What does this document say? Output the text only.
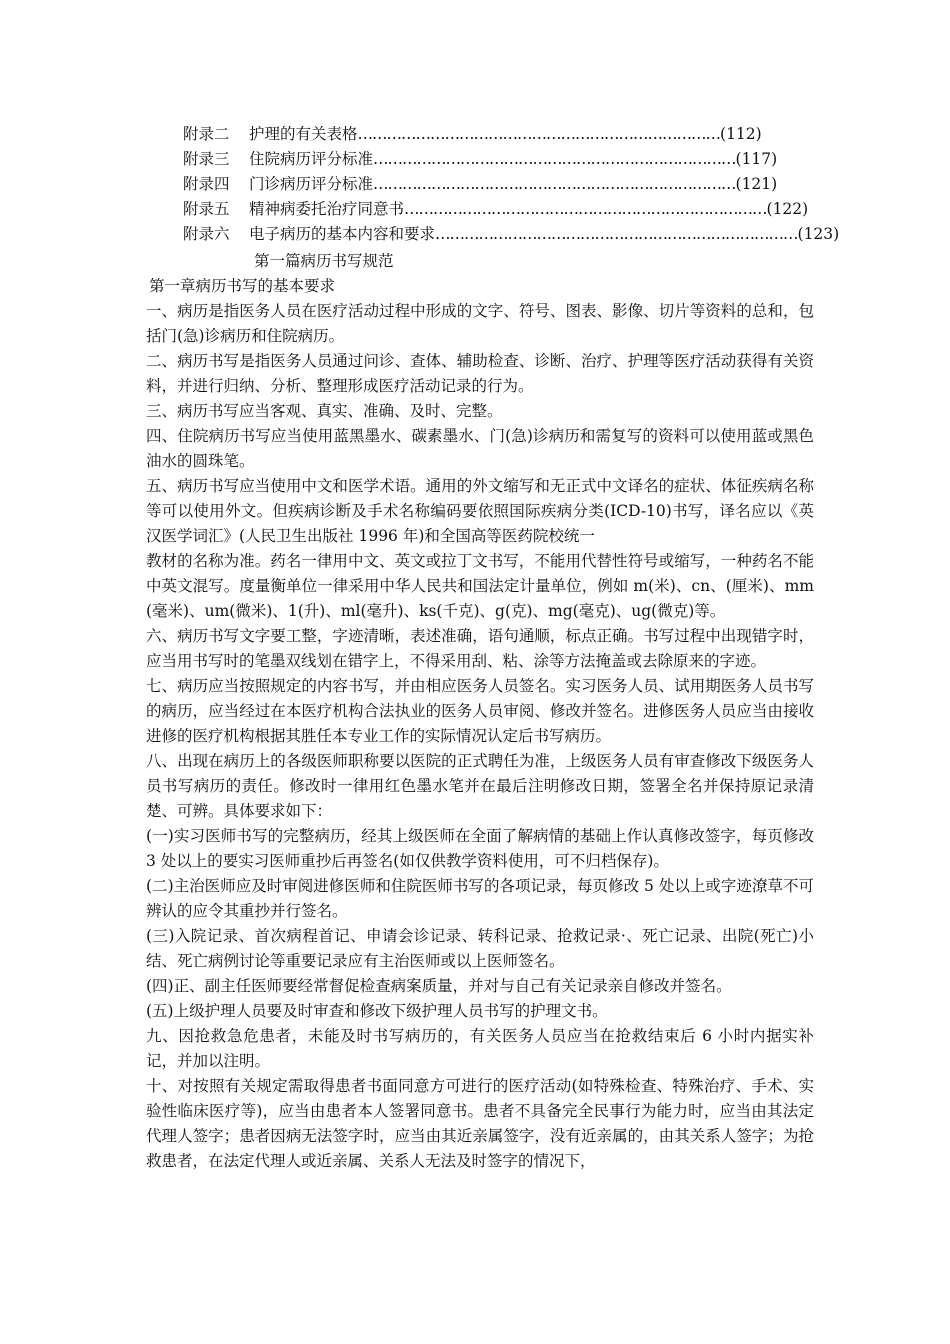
附录二	护理的有关表格 ………………………………………………………………… (112)
附录三	住院病历评分标准 ………………………………………………………………… (117)
附录四	门诊病历评分标准 ………………………………………………………………… (121)
附录五	精神病委托治疗同意书 ………………………………………………………………… (122)
附录六	电子病历的基本内容和要求 ………………………………………………………………… (123)
第一篇病历书写规范

第一章病历书写的基本要求

一、病历是指医务人员在医疗活动过程中形成的文字、符号、图表、影像、切片等资料的总和，包括门(急)诊病历和住院病历。

二、病历书写是指医务人员通过问诊、查体、辅助检查、诊断、治疗、护理等医疗活动获得有关资料，并进行归纳、分析、整理形成医疗活动记录的行为。

三、病历书写应当客观、真实、准确、及时、完整。

四、住院病历书写应当使用蓝黑墨水、碳素墨水、门(急)诊病历和需复写的资料可以使用蓝或黑色油水的圆珠笔。

五、病历书写应当使用中文和医学术语。通用的外文缩写和无正式中文译名的症状、体征疾病名称等可以使用外文。但疾病诊断及手术名称编码要依照国际疾病分类(ICD-10)书写，译名应以《英汉医学词汇》(人民卫生出版社 1996 年)和全国高等医药院校统一

教材的名称为准。药名一律用中文、英文或拉丁文书写，不能用代替性符号或缩写，一种药名不能中英文混写。度量衡单位一律采用中华人民共和国法定计量单位，例如 m(米)、cn、(厘米)、mm(毫米)、um(微米)、1(升)、ml(毫升)、ks(千克)、g(克)、mg(毫克)、ug(微克)等。

六、病历书写文字要工整，字迹清晰，表述准确，语句通顺，标点正确。书写过程中出现错字时，应当用书写时的笔墨双线划在错字上，不得采用刮、粘、涂等方法掩盖或去除原来的字迹。

七、病历应当按照规定的内容书写，并由相应医务人员签名。实习医务人员、试用期医务人员书写的病历，应当经过在本医疗机构合法执业的医务人员审阅、修改并签名。进修医务人员应当由接收进修的医疗机构根据其胜任本专业工作的实际情况认定后书写病历。

八、出现在病历上的各级医师职称要以医院的正式聘任为准，上级医务人员有审查修改下级医务人员书写病历的责任。修改时一律用红色墨水笔并在最后注明修改日期，签署全名并保持原记录清楚、可辨。具体要求如下：

(一)实习医师书写的完整病历，经其上级医师在全面了解病情的基础上作认真修改签字，每页修改 3 处以上的要实习医师重抄后再签名(如仅供教学资料使用，可不归档保存)。

(二)主治医师应及时审阅进修医师和住院医师书写的各项记录，每页修改 5 处以上或字迹潦草不可辨认的应令其重抄并行签名。

(三)入院记录、首次病程首记、申请会诊记录、转科记录、抢救记录·、死亡记录、出院(死亡)小结、死亡病例讨论等重要记录应有主治医师或以上医师签名。

(四)正、副主任医师要经常督促检查病案质量，并对与自己有关记录亲自修改并签名。

(五)上级护理人员要及时审查和修改下级护理人员书写的护理文书。

九、因抢救急危患者，未能及时书写病历的，有关医务人员应当在抢救结束后 6 小时内据实补记，并加以注明。

十、对按照有关规定需取得患者书面同意方可进行的医疗活动(如特殊检查、特殊治疗、手术、实验性临床医疗等)，应当由患者本人签署同意书。患者不具备完全民事行为能力时，应当由其法定代理人签字；患者因病无法签字时，应当由其近亲属签字，没有近亲属的，由其关系人签字；为抢救患者，在法定代理人或近亲属、关系人无法及时签字的情况下，
